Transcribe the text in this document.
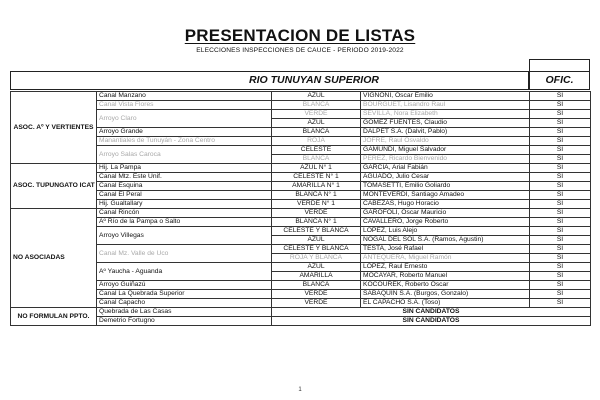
PRESENTACION DE LISTAS
ELECCIONES INSPECCIONES DE CAUCE - PERIODO 2019-2022
RIO TUNUYAN SUPERIOR	OFIC.
ASOC. Aº Y VERTIENTES	Canal Manzano	AZUL	VIGNONI, Oscar Emilio	SI
	Canal Vista Flores	BLANCA	BOURGUET, Lisandro Raul	SI
	Arroyo Claro	VERDE	SEVILLA, Nora Elizabeth	SI
		AZUL	GOMEZ FUENTES, Claudio	SI
	Arroyo Grande	BLANCA	DALPET S.A. (Dalvit, Pablo)	SI
	Manantiales de Tunuyán - Zona Centro	ROJA	JOFRE, Raul Osvaldo	SI
	Arroyo Salas Caroca	CELESTE	GAMUNDI, Miguel Salvador	SI
		BLANCA	PEREZ, Ricardo Bienvenido	SI
ASOC. TUPUNGATO ICAT	Hij. La Pampa	AZUL N° 1	GARCIA, Arial Fabián	SI
	Canal Mtz. Este Unif.	CELESTE N° 1	AGUADO, Julio Cesar	SI
	Canal Esquina	AMARILLA N° 1	TOMASETTI, Emilio Goliardo	SI
	Canal El Peral	BLANCA N° 1	MONTEVERDI, Santiago Amadeo	SI
	Hij. Gualtallary	VERDE N° 1	CABEZAS, Hugo Horacio	SI
NO ASOCIADAS	Canal Rincón	VERDE	GAROFOLI, Oscar Mauricio	SI
	Aº Río de la Pampa o Salto	BLANCA N° 1	CAVALLERO, Jorge Roberto	SI
	Arroyo Villegas	CELESTE Y BLANCA	LOPEZ, Luis Alejo	SI
		AZUL	NOGAL DEL SOL S.A. (Ramos, Agustin)	SI
	Canal Mz. Valle de Uco	CELESTE Y BLANCA	TESTA, José Rafael	SI
		ROJA Y BLANCA	ANTEQUERA, Miguel Ramón	SI
	Aº Yaucha - Aguanda	AZUL	LOPEZ, Raul Ernesto	SI
		AMARILLA	MOCAYAR, Roberto Manuel	SI
	Arroyo Guiñazú	BLANCA	KOCOUREK, Roberto Oscar	SI
	Canal La Quebrada Superior	VERDE	SABAQUIN S.A. (Burgos, Gonzalo)	SI
	Canal Capacho	VERDE	EL CAPACHO S.A. (Toso)	SI
NO FORMULAN PPTO.	Quebrada de Las Casas	SIN CANDIDATOS		
	Demetrio Fortugno	SIN CANDIDATOS		
1
